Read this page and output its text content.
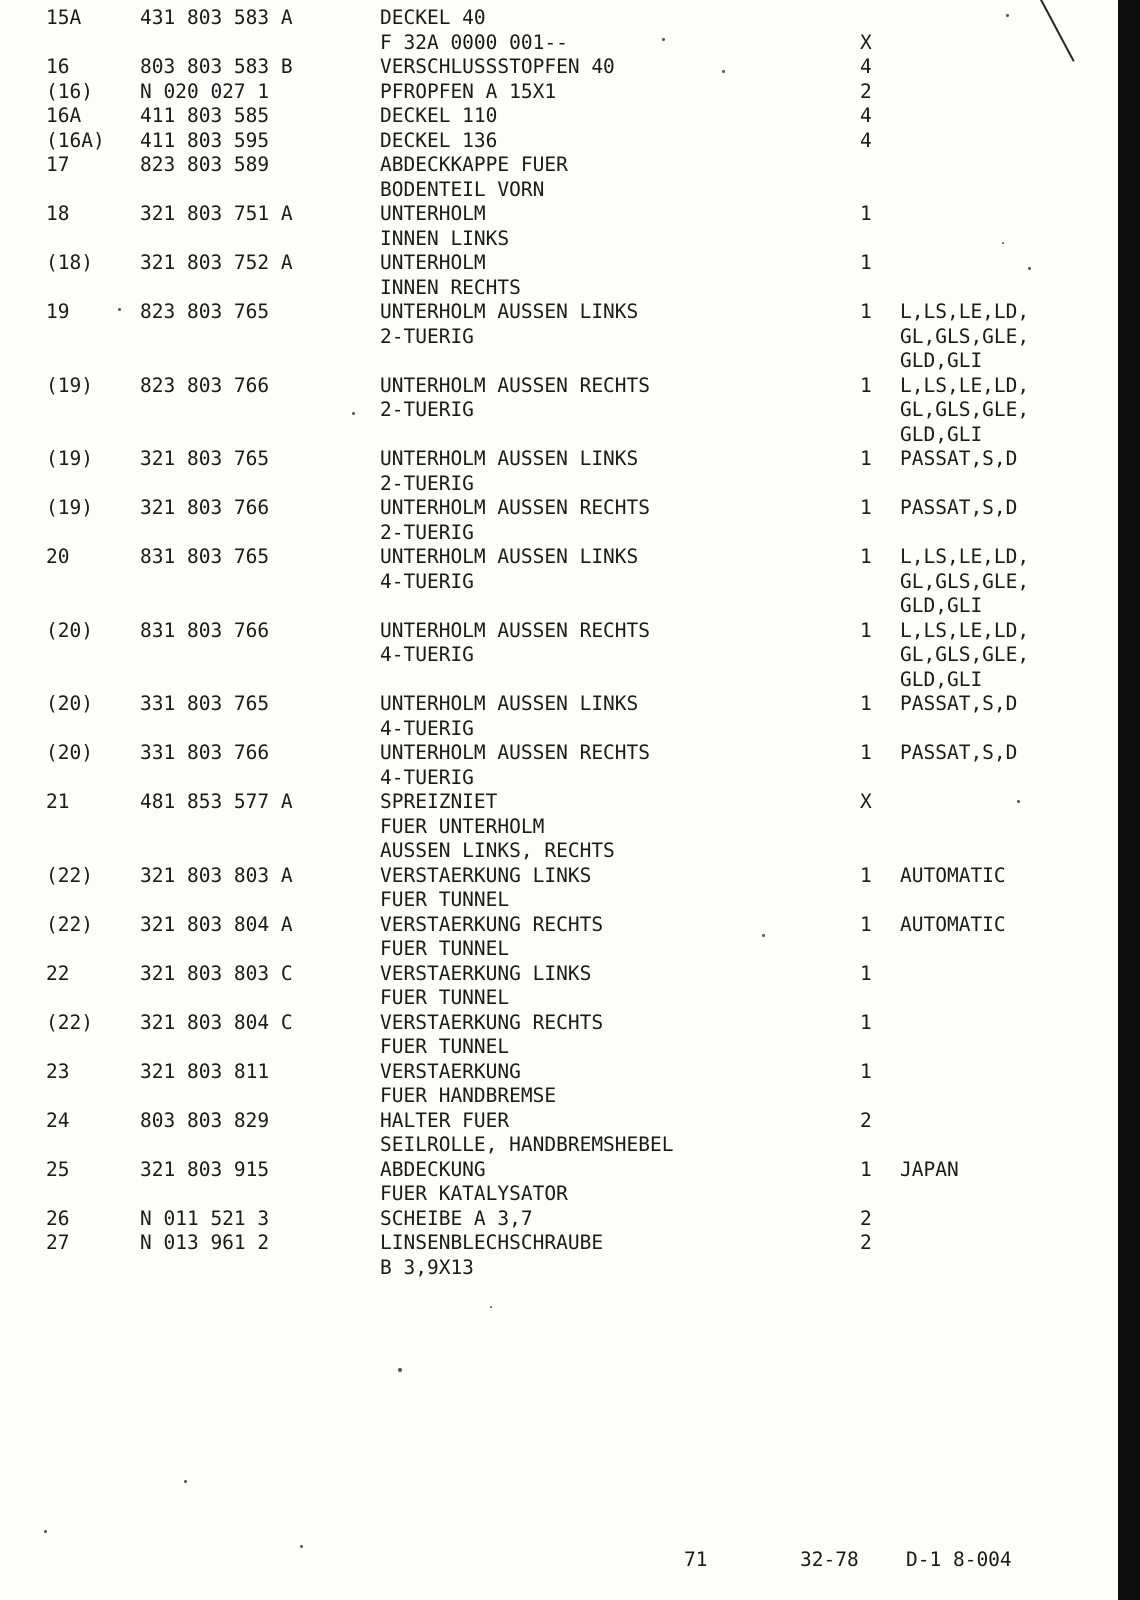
15A	431 803 583 A	DECKEL 40
F 32A 0000 001--	X
16	803 803 583 B	VERSCHLUSSSTOPFEN 40	4
(16) N 020 027 1	PFROPFEN A 15X1	2
16A	411 803 585	DECKEL 110	4
(16A) 411 803 595	DECKEL 136	4
17	823 803 589	ABDECKKAPPE FUER
BODENTEIL VORN
18	321 803 751 A	UNTERHOLM	1
INNEN LINKS
(18) 321 803 752 A	UNTERHOLM	1
INNEN RECHTS
19	823 803 765	UNTERHOLM AUSSEN LINKS	1 L,LS,LE,LD,
2-TUERIG	GL,GLS,GLE,
GLD,GLI
(19) 823 803 766	UNTERHOLM AUSSEN RECHTS	1 L,LS,LE,LD,
2-TUERIG	GL,GLS,GLE,
GLD,GLI
(19) 321 803 765	UNTERHOLM AUSSEN LINKS	1 PASSAT,S,D
2-TUERIG
(19) 321 803 766	UNTERHOLM AUSSEN RECHTS	1 PASSAT,S,D
2-TUERIG
20	831 803 765	UNTERHOLM AUSSEN LINKS	1 L,LS,LE,LD,
4-TUERIG	GL,GLS,GLE,
GLD,GLI
(20) 831 803 766	UNTERHOLM AUSSEN RECHTS	1 L,LS,LE,LD,
4-TUERIG	GL,GLS,GLE,
GLD,GLI
(20) 331 803 765	UNTERHOLM AUSSEN LINKS	1 PASSAT,S,D
4-TUERIG
(20) 331 803 766	UNTERHOLM AUSSEN RECHTS	1 PASSAT,S,D
4-TUERIG
21	481 853 577 A	SPREIZNIET	X
FUER UNTERHOLM
AUSSEN LINKS, RECHTS
(22) 321 803 803 A	VERSTAERKUNG LINKS	1 AUTOMATIC
FUER TUNNEL
(22) 321 803 804 A	VERSTAERKUNG RECHTS	1 AUTOMATIC
FUER TUNNEL
22	321 803 803 C	VERSTAERKUNG LINKS	1
FUER TUNNEL
(22) 321 803 804 C	VERSTAERKUNG RECHTS	1
FUER TUNNEL
23	321 803 811	VERSTAERKUNG	1
FUER HANDBREMSE
24	803 803 829	HALTER FUER	2
SEILROLLE, HANDBREMSHEBEL
25	321 803 915	ABDECKUNG	1 JAPAN
FUER KATALYSATOR
26	N 011 521 3	SCHEIBE A 3,7	2
27	N 013 961 2	LINSENBLECHSCHRAUBE	2
B 3,9X13
71	32-78 D-1 8-004
